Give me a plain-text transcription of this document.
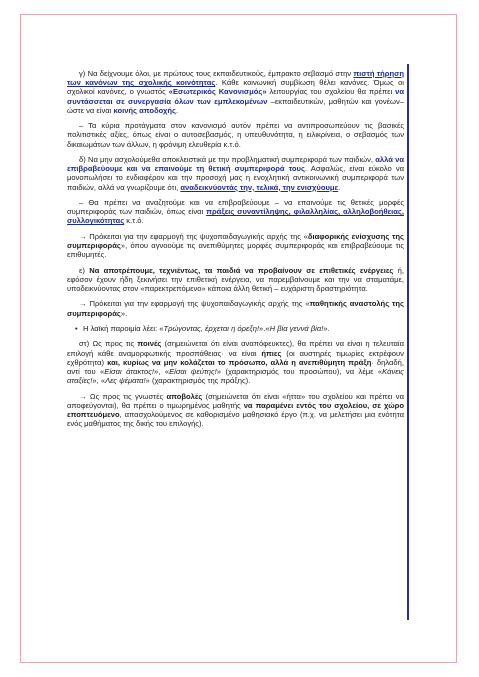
γ) Να δείχνουμε όλοι, με πρώτους τους εκπαιδευτικούς, έμπρακτο σεβασμό στην πιστή τήρηση των κανόνων της σχολικής κοινότητας. Κάθε κοινωνική συμβίωση θέλει κανόνες. Όμως οι σχολικοί κανόνες, ο γνωστός «Εσωτερικός Κανονισμός» λειτουργίας του σχολείου θα πρέπει να συντάσσεται σε συνεργασία όλων των εμπλεκομένων –εκπαιδευτικών, μαθητών και γονέων– ώστε να είναι κοινής αποδοχής.

– Τα κύρια προτάγματα στον κανονισμό αυτόν πρέπει να αντιπροσωπεύουν τις βασικές πολιτιστικές αξίες, όπως είναι ο αυτοσεβασμός, η υπευθυνότητα, η ειλικρίνεια, ο σεβασμός των δικαιωμάτων των άλλων, η φρόνιμη ελευθερία κ.τ.ό.

δ) Να μην ασχολούμεθα αποκλειστικά με την προβληματική συμπεριφορά των παιδιών, αλλά να επιβραβεύουμε και να επαινούμε τη θετική συμπεριφορά τους. Ασφαλώς, είναι εύκολο να μονοπωλήσει το ενδιαφέρον και την προσοχή μας η ενοχλητική αντικοινωνική συμπεριφορά των παιδιών, αλλά να γνωρίζουμε ότι, αναδεικνύοντάς την, τελικά, την ενισχύουμε.

– Θα πρέπει να αναζητούμε και να επιβραβεύουμε – να επαινούμε τις θετικές μορφές συμπεριφοράς των παιδιών, όπως είναι πράξεις συναντίληψης, φιλαλληλίας, αλληλοβοήθειας, συλλογικότητας κ.τ.ό.

→ Πρόκειται για την εφαρμογή της ψυχοπαιδαγωγικής αρχής της «διαφορικής ενίσχυσης της συμπεριφοράς», όπου αγνοούμε τις ανεπιθύμητες μορφές συμπεριφοράς και επιβραβεύουμε τις επιθυμητές.

ε) Να αποτρέπουμε, τεχνιέντως, τα παιδιά να προβαίνουν σε επιθετικές ενέργειες ή, εφόσον έχουν ήδη ξεκινήσει την επιθετική ενέργεια, να παρεμβαίνουμε και την να σταματάμε, υποδεικνύοντας στον «παρεκτρεπόμενο» κάποια άλλη θετική – ευχάριστη δραστηριότητα.

→ Πρόκειται για την εφαρμογή της ψυχοπαιδαγωγικής αρχής της «παθητικής αναστολής της συμπεριφοράς».

• Η λαϊκή παροιμία λέει: «Τρώγοντας, έρχεται η όρεξη!».«Η βία γεννά βία!».

στ) Ως προς τις ποινές (σημειώνεται ότι είναι αναπόφευκτες), θα πρέπει να είναι η τελευταία επιλογή κάθε αναμορφωτικής προσπάθειας· να είναι ήπιες (οι αυστηρές τιμωρίες εκτρέφουν εχθρότητα) και, κυρίως να μην κολάζεται το πρόσωπο, αλλά η ανεπιθύμητη πράξη· δηλαδή, αντί του «Είσαι άτακτος!», «Είσαι ψεύτης!» (χαρακτηρισμός του προσώπου), να λέμε «Κάνεις αταξίες!», «Λες ψέματα!» (χαρακτηρισμός της πράξης).

→ Ως προς τις γνωστές αποβολές (σημειώνεται ότι είναι «ήττα» του σχολείου και πρέπει να αποφεύγονται), θα πρέπει ο τιμωρημένος μαθητής να παραμένει εντός του σχολείου, σε χώρο εποπτευόμενο, απασχολούμενος σε καθορισμένο μαθησιακό έργο (π.χ. να μελετήσει μια ενότητα ενός μαθήματος της δικής του επιλογής).
